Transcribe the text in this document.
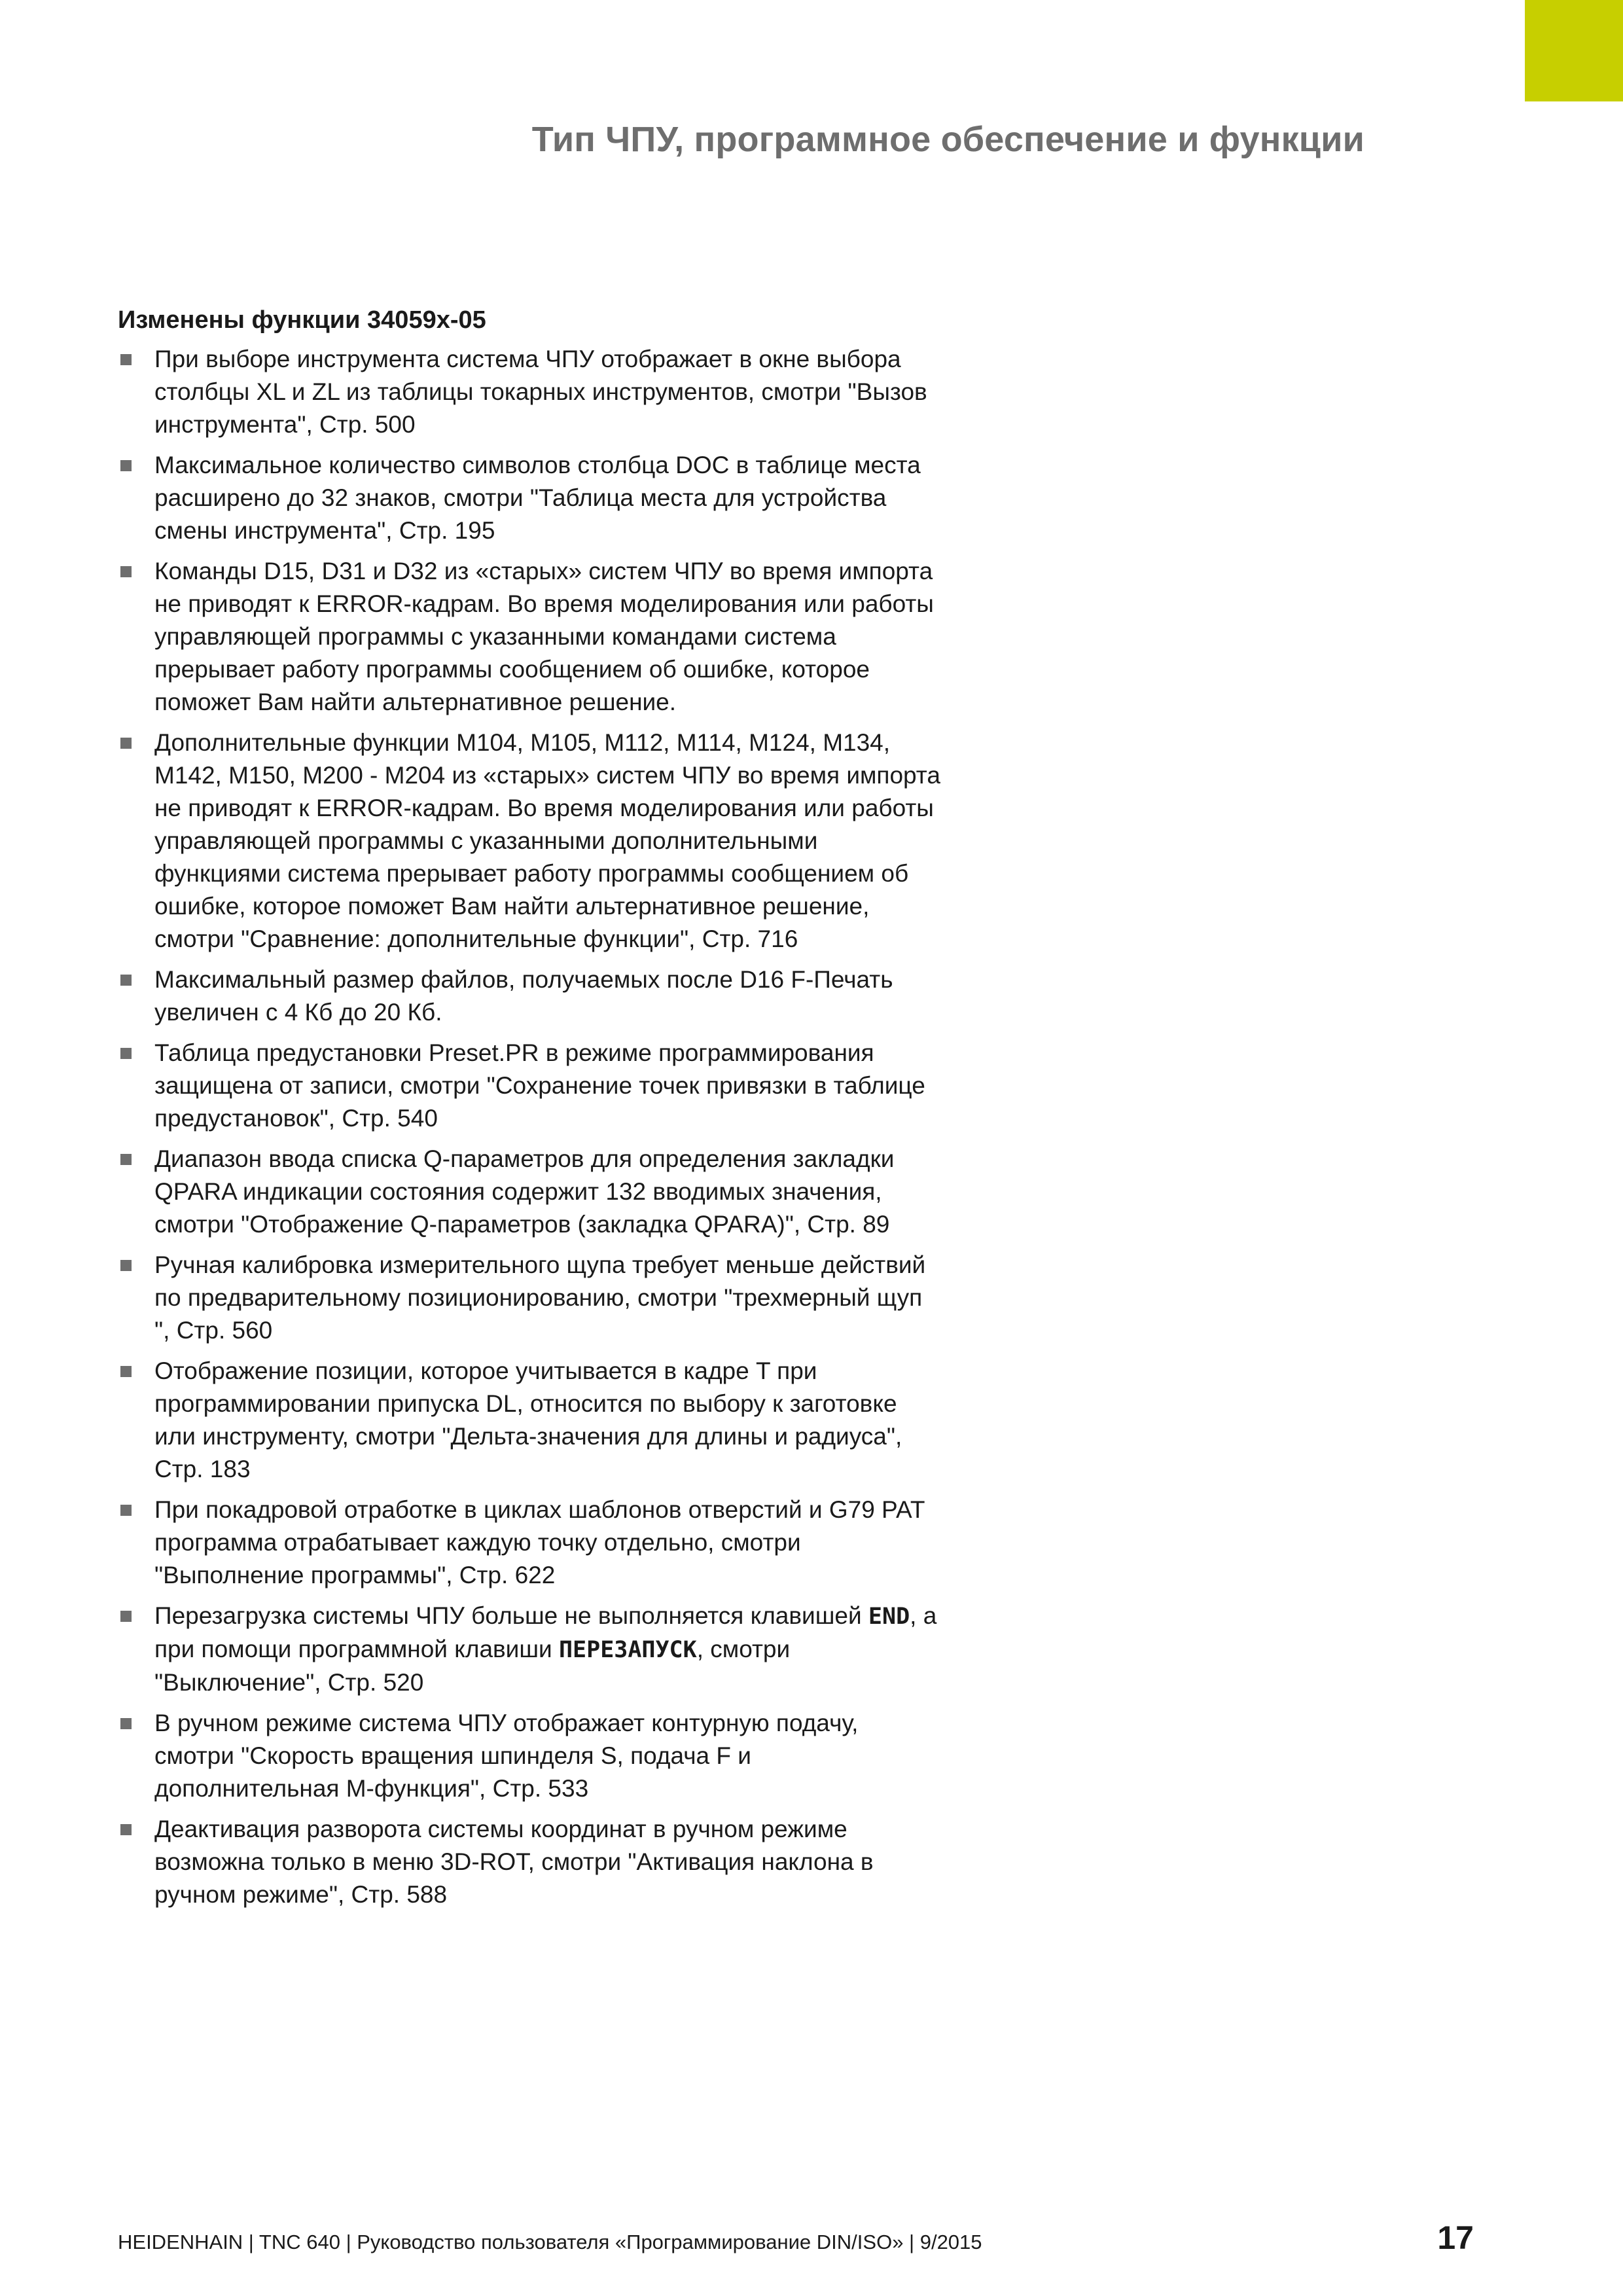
Тип ЧПУ, программное обеспечение и функции
Изменены функции 34059x-05
При выборе инструмента система ЧПУ отображает в окне выбора столбцы XL и ZL из таблицы токарных инструментов, смотри "Вызов инструмента", Стр. 500
Максимальное количество символов столбца DOC в таблице места расширено до 32 знаков, смотри "Таблица места для устройства смены инструмента", Стр. 195
Команды D15, D31 и D32 из «старых» систем ЧПУ во время импорта не приводят к ERROR-кадрам. Во время моделирования или работы управляющей программы с указанными командами система прерывает работу программы сообщением об ошибке, которое поможет Вам найти альтернативное решение.
Дополнительные функции M104, M105, M112, M114, M124, M134, M142, M150, M200 - M204 из «старых» систем ЧПУ во время импорта не приводят к ERROR-кадрам. Во время моделирования или работы управляющей программы с указанными дополнительными функциями система прерывает работу программы сообщением об ошибке, которое поможет Вам найти альтернативное решение, смотри "Сравнение: дополнительные функции", Стр. 716
Максимальный размер файлов, получаемых после D16 F-Печать увеличен с 4 Кб до 20 Кб.
Таблица предустановки Preset.PR в режиме программирования защищена от записи, смотри "Сохранение точек привязки в таблице предустановок", Стр. 540
Диапазон ввода списка Q-параметров для определения закладки QPARA индикации состояния содержит 132 вводимых значения, смотри "Отображение Q-параметров (закладка QPARA)", Стр. 89
Ручная калибровка измерительного щупа требует меньше действий по предварительному позиционированию, смотри "трехмерный щуп ", Стр. 560
Отображение позиции, которое учитывается в кадре T при программировании припуска DL, относится по выбору к заготовке или инструменту, смотри "Дельта-значения для длины и радиуса", Стр. 183
При покадровой отработке в циклах шаблонов отверстий и G79 PAT программа отрабатывает каждую точку отдельно, смотри "Выполнение программы", Стр. 622
Перезагрузка системы ЧПУ больше не выполняется клавишей END, а при помощи программной клавиши ПЕРЕЗАПУСК, смотри "Выключение", Стр. 520
В ручном режиме система ЧПУ отображает контурную подачу, смотри "Скорость вращения шпинделя S, подача F и дополнительная M-функция", Стр. 533
Деактивация разворота системы координат в ручном режиме возможна только в меню 3D-ROT, смотри "Активация наклона в ручном режиме", Стр. 588
HEIDENHAIN | TNC 640 | Руководство пользователя «Программирование DIN/ISO» | 9/2015	17
